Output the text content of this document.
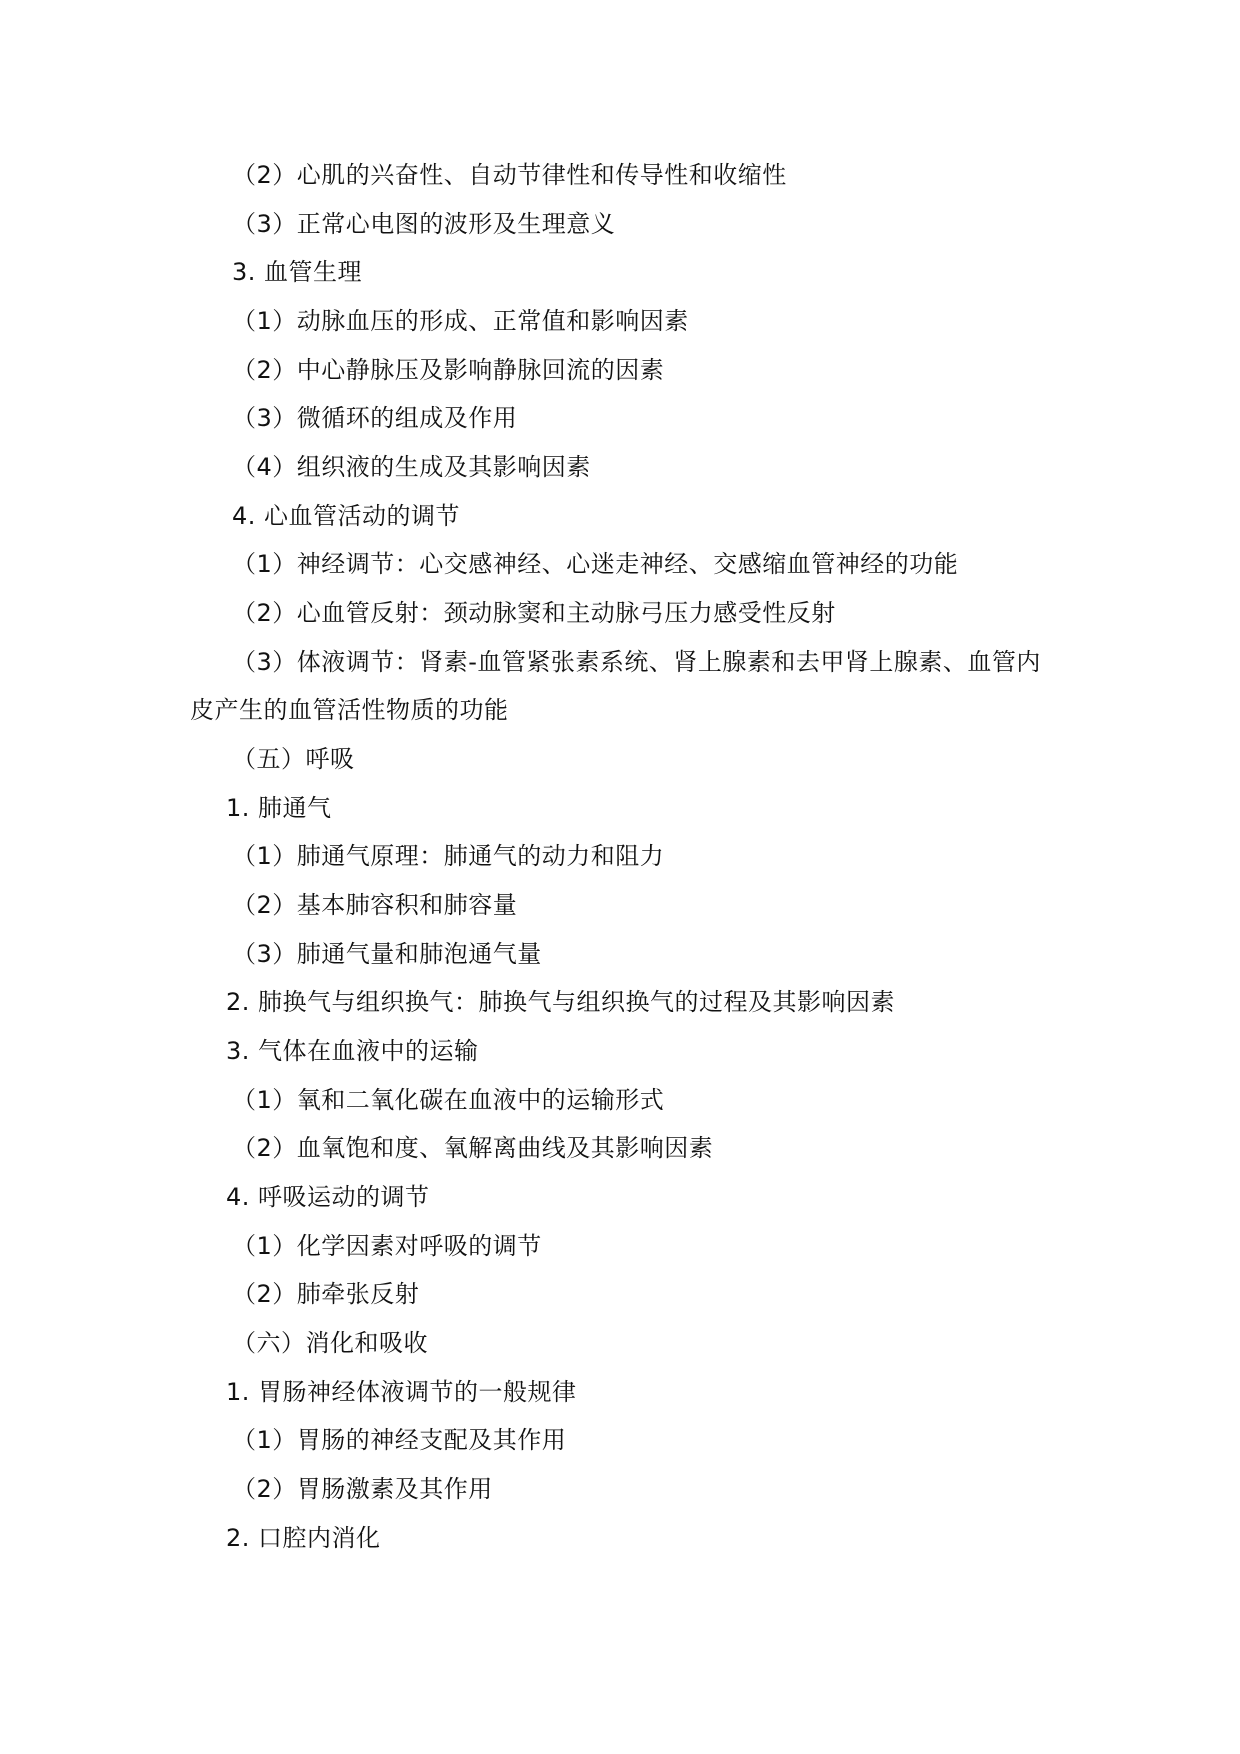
（2）心肌的兴奋性、自动节律性和传导性和收缩性
（3）正常心电图的波形及生理意义
3. 血管生理
（1）动脉血压的形成、正常值和影响因素
（2）中心静脉压及影响静脉回流的因素
（3）微循环的组成及作用
（4）组织液的生成及其影响因素
4. 心血管活动的调节
（1）神经调节：心交感神经、心迷走神经、交感缩血管神经的功能
（2）心血管反射：颈动脉窦和主动脉弓压力感受性反射
（3）体液调节：肾素-血管紧张素系统、肾上腺素和去甲肾上腺素、血管内
皮产生的血管活性物质的功能
（五）呼吸
1. 肺通气
（1）肺通气原理：肺通气的动力和阻力
（2）基本肺容积和肺容量
（3）肺通气量和肺泡通气量
2. 肺换气与组织换气：肺换气与组织换气的过程及其影响因素
3. 气体在血液中的运输
（1）氧和二氧化碳在血液中的运输形式
（2）血氧饱和度、氧解离曲线及其影响因素
4. 呼吸运动的调节
（1）化学因素对呼吸的调节
（2）肺牵张反射
（六）消化和吸收
1. 胃肠神经体液调节的一般规律
（1）胃肠的神经支配及其作用
（2）胃肠激素及其作用
2. 口腔内消化
